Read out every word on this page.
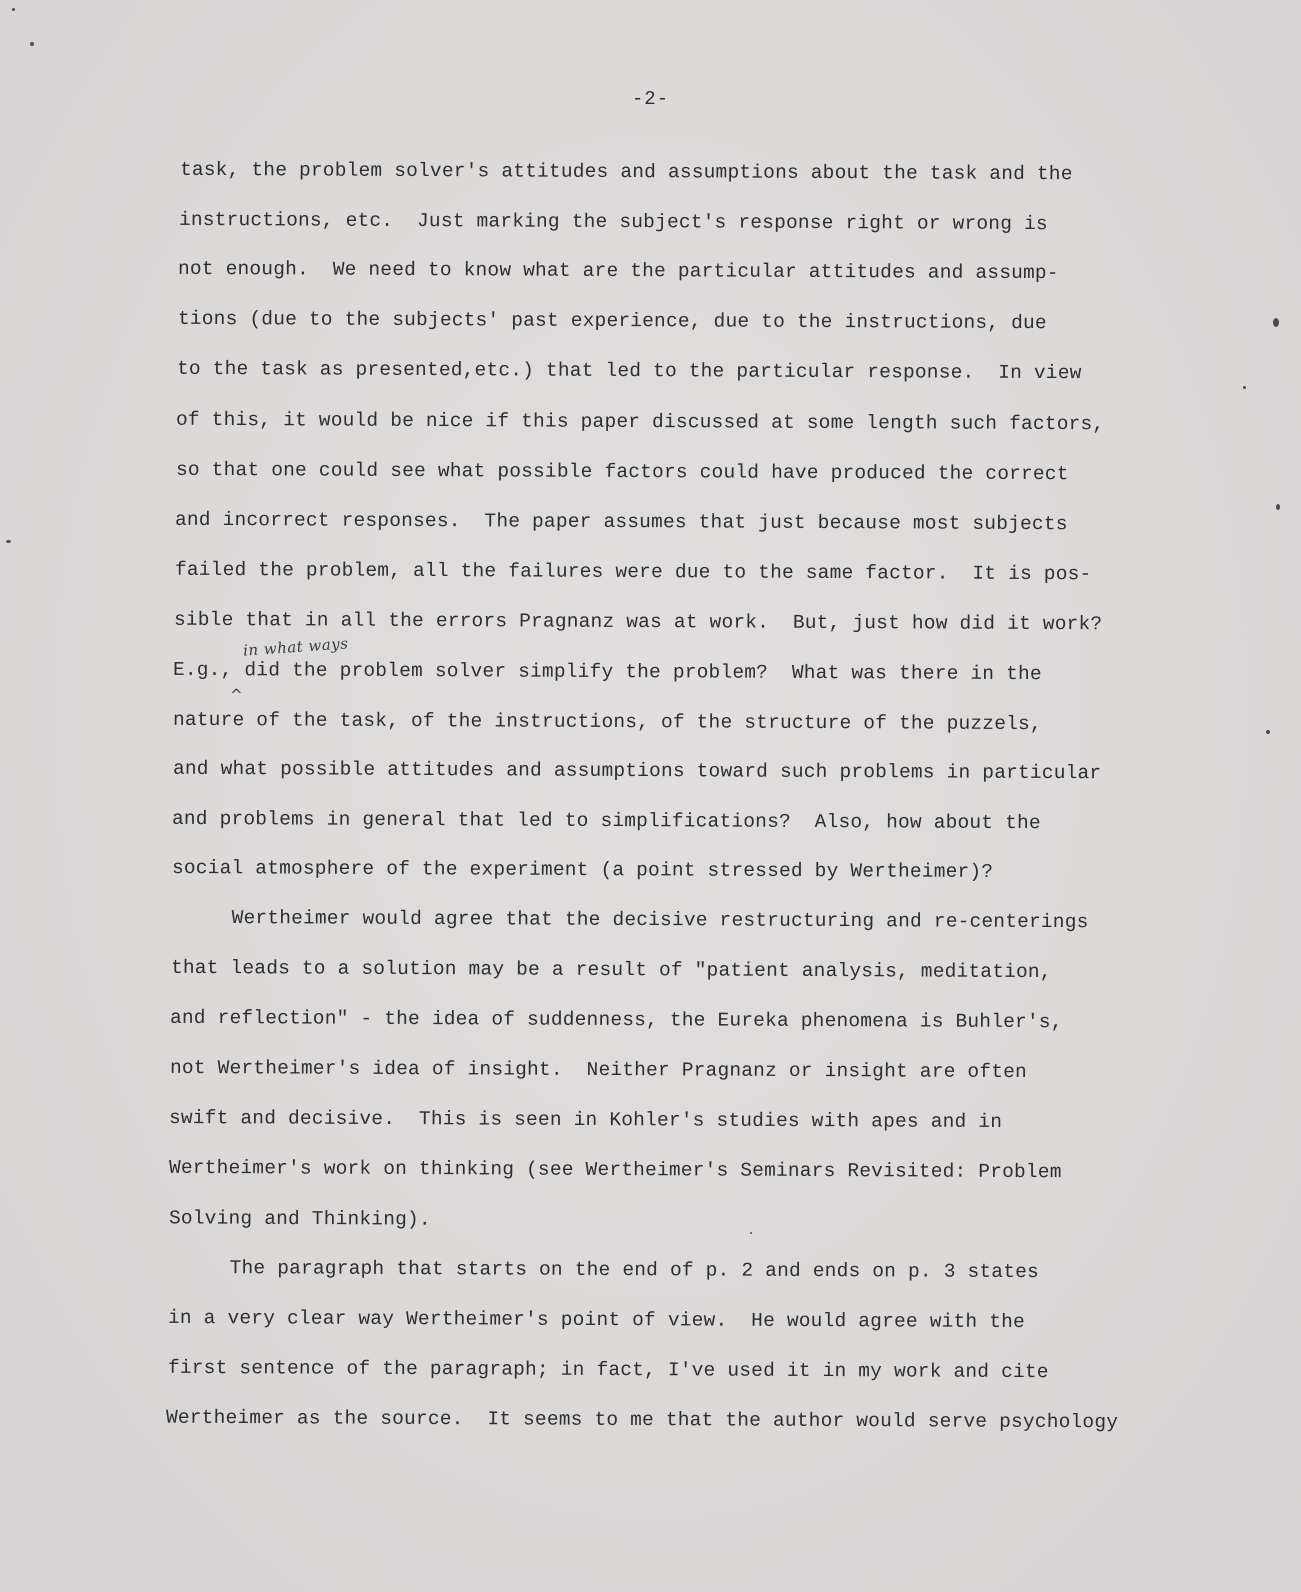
-2-
task, the problem solver's attitudes and assumptions about the task and the
instructions, etc.  Just marking the subject's response right or wrong is
not enough.  We need to know what are the particular attitudes and assump-
tions (due to the subjects' past experience, due to the instructions, due
to the task as presented,etc.) that led to the particular response.  In view
of this, it would be nice if this paper discussed at some length such factors,
so that one could see what possible factors could have produced the correct
and incorrect responses.  The paper assumes that just because most subjects
failed the problem, all the failures were due to the same factor.  It is pos-
sible that in all the errors Pragnanz was at work.  But, just how did it work?
E.g., did the problem solver simplify the problem?  What was there in the
nature of the task, of the instructions, of the structure of the puzzels,
and what possible attitudes and assumptions toward such problems in particular
and problems in general that led to simplifications?  Also, how about the
social atmosphere of the experiment (a point stressed by Wertheimer)?
in what ways
^
Wertheimer would agree that the decisive restructuring and re-centerings
that leads to a solution may be a result of "patient analysis, meditation,
and reflection" - the idea of suddenness, the Eureka phenomena is Buhler's,
not Wertheimer's idea of insight.  Neither Pragnanz or insight are often
swift and decisive.  This is seen in Kohler's studies with apes and in
Wertheimer's work on thinking (see Wertheimer's Seminars Revisited: Problem
Solving and Thinking).
The paragraph that starts on the end of p. 2 and ends on p. 3 states
in a very clear way Wertheimer's point of view.  He would agree with the
first sentence of the paragraph; in fact, I've used it in my work and cite
Wertheimer as the source.  It seems to me that the author would serve psychology
